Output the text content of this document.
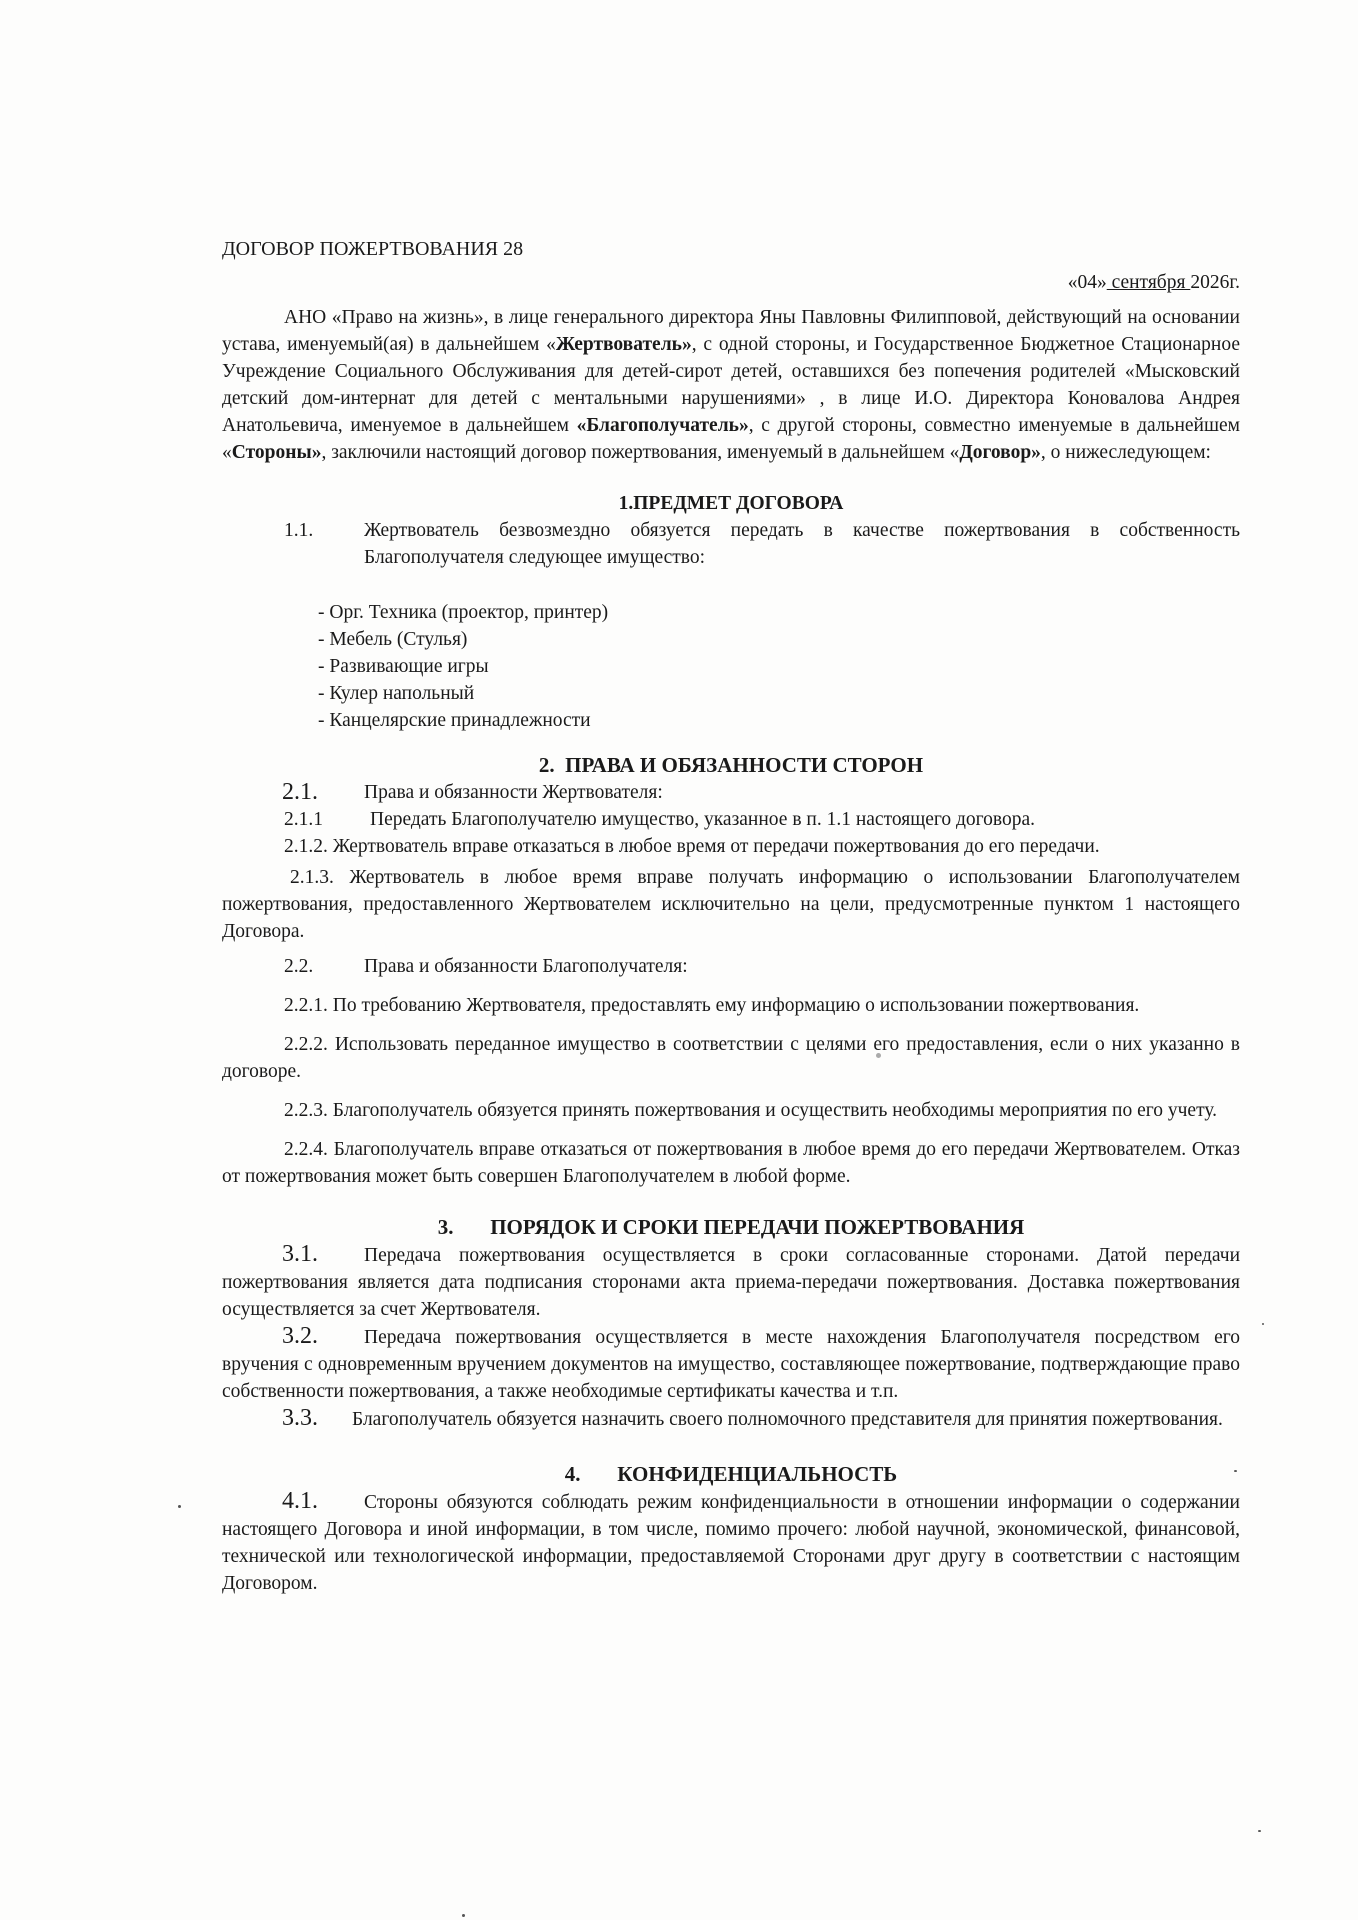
ДОГОВОР ПОЖЕРТВОВАНИЯ 28
«04» сентября 2026г.

АНО «Право на жизнь», в лице генерального директора Яны Павловны Филипповой, действующий на основании устава, именуемый(ая) в дальнейшем «Жертвователь», с одной стороны, и Государственное Бюджетное Стационарное Учреждение Социального Обслуживания для детей-сирот детей, оставшихся без попечения родителей «Мысковский детский дом-интернат для детей с ментальными нарушениями» , в лице И.О. Директора Коновалова Андрея Анатольевича, именуемое в дальнейшем «Благополучатель», с другой стороны, совместно именуемые в дальнейшем «Стороны», заключили настоящий договор пожертвования, именуемый в дальнейшем «Договор», о нижеследующем:

1.ПРЕДМЕТ ДОГОВОРА
1.1.	Жертвователь безвозмездно обязуется передать в качестве пожертвования в собственность Благополучателя следующее имущество:
- Орг. Техника (проектор, принтер)
- Мебель (Стулья)
- Развивающие игры
- Кулер напольный
- Канцелярские принадлежности
2. ПРАВА И ОБЯЗАННОСТИ СТОРОН
2.1.	Права и обязанности Жертвователя:
2.1.1	Передать Благополучателю имущество, указанное в п. 1.1 настоящего договора.

2.1.2. Жертвователь вправе отказаться в любое время от передачи пожертвования до его передачи.

2.1.3. Жертвователь в любое время вправе получать информацию о использовании Благополучателем пожертвования, предоставленного Жертвователем исключительно на цели, предусмотренные пунктом 1 настоящего Договора.

2.2.	Права и обязанности Благополучателя:

2.2.1. По требованию Жертвователя, предоставлять ему информацию о использовании пожертвования.

2.2.2. Использовать переданное имущество в соответствии с целями его предоставления, если о них указанно в договоре.

2.2.3. Благополучатель обязуется принять пожертвования и осуществить необходимы мероприятия по его учету.

2.2.4. Благополучатель вправе отказаться от пожертвования в любое время до его передачи Жертвователем. Отказ от пожертвования может быть совершен Благополучателем в любой форме.

3. ПОРЯДОК И СРОКИ ПЕРЕДАЧИ ПОЖЕРТВОВАНИЯ

3.1. Передача пожертвования осуществляется в сроки согласованные сторонами. Датой передачи пожертвования является дата подписания сторонами акта приема-передачи пожертвования. Доставка пожертвования осуществляется за счет Жертвователя.

3.2. Передача пожертвования осуществляется в месте нахождения Благополучателя посредством его вручения с одновременным вручением документов на имущество, составляющее пожертвование, подтверждающие право собственности пожертвования, а также необходимые сертификаты качества и т.п.

3.3. Благополучатель обязуется назначить своего полномочного представителя для принятия пожертвования.

4. КОНФИДЕНЦИАЛЬНОСТЬ

4.1. Стороны обязуются соблюдать режим конфиденциальности в отношении информации о содержании настоящего Договора и иной информации, в том числе, помимо прочего: любой научной, экономической, финансовой, технической или технологической информации, предоставляемой Сторонами друг другу в соответствии с настоящим Договором.
